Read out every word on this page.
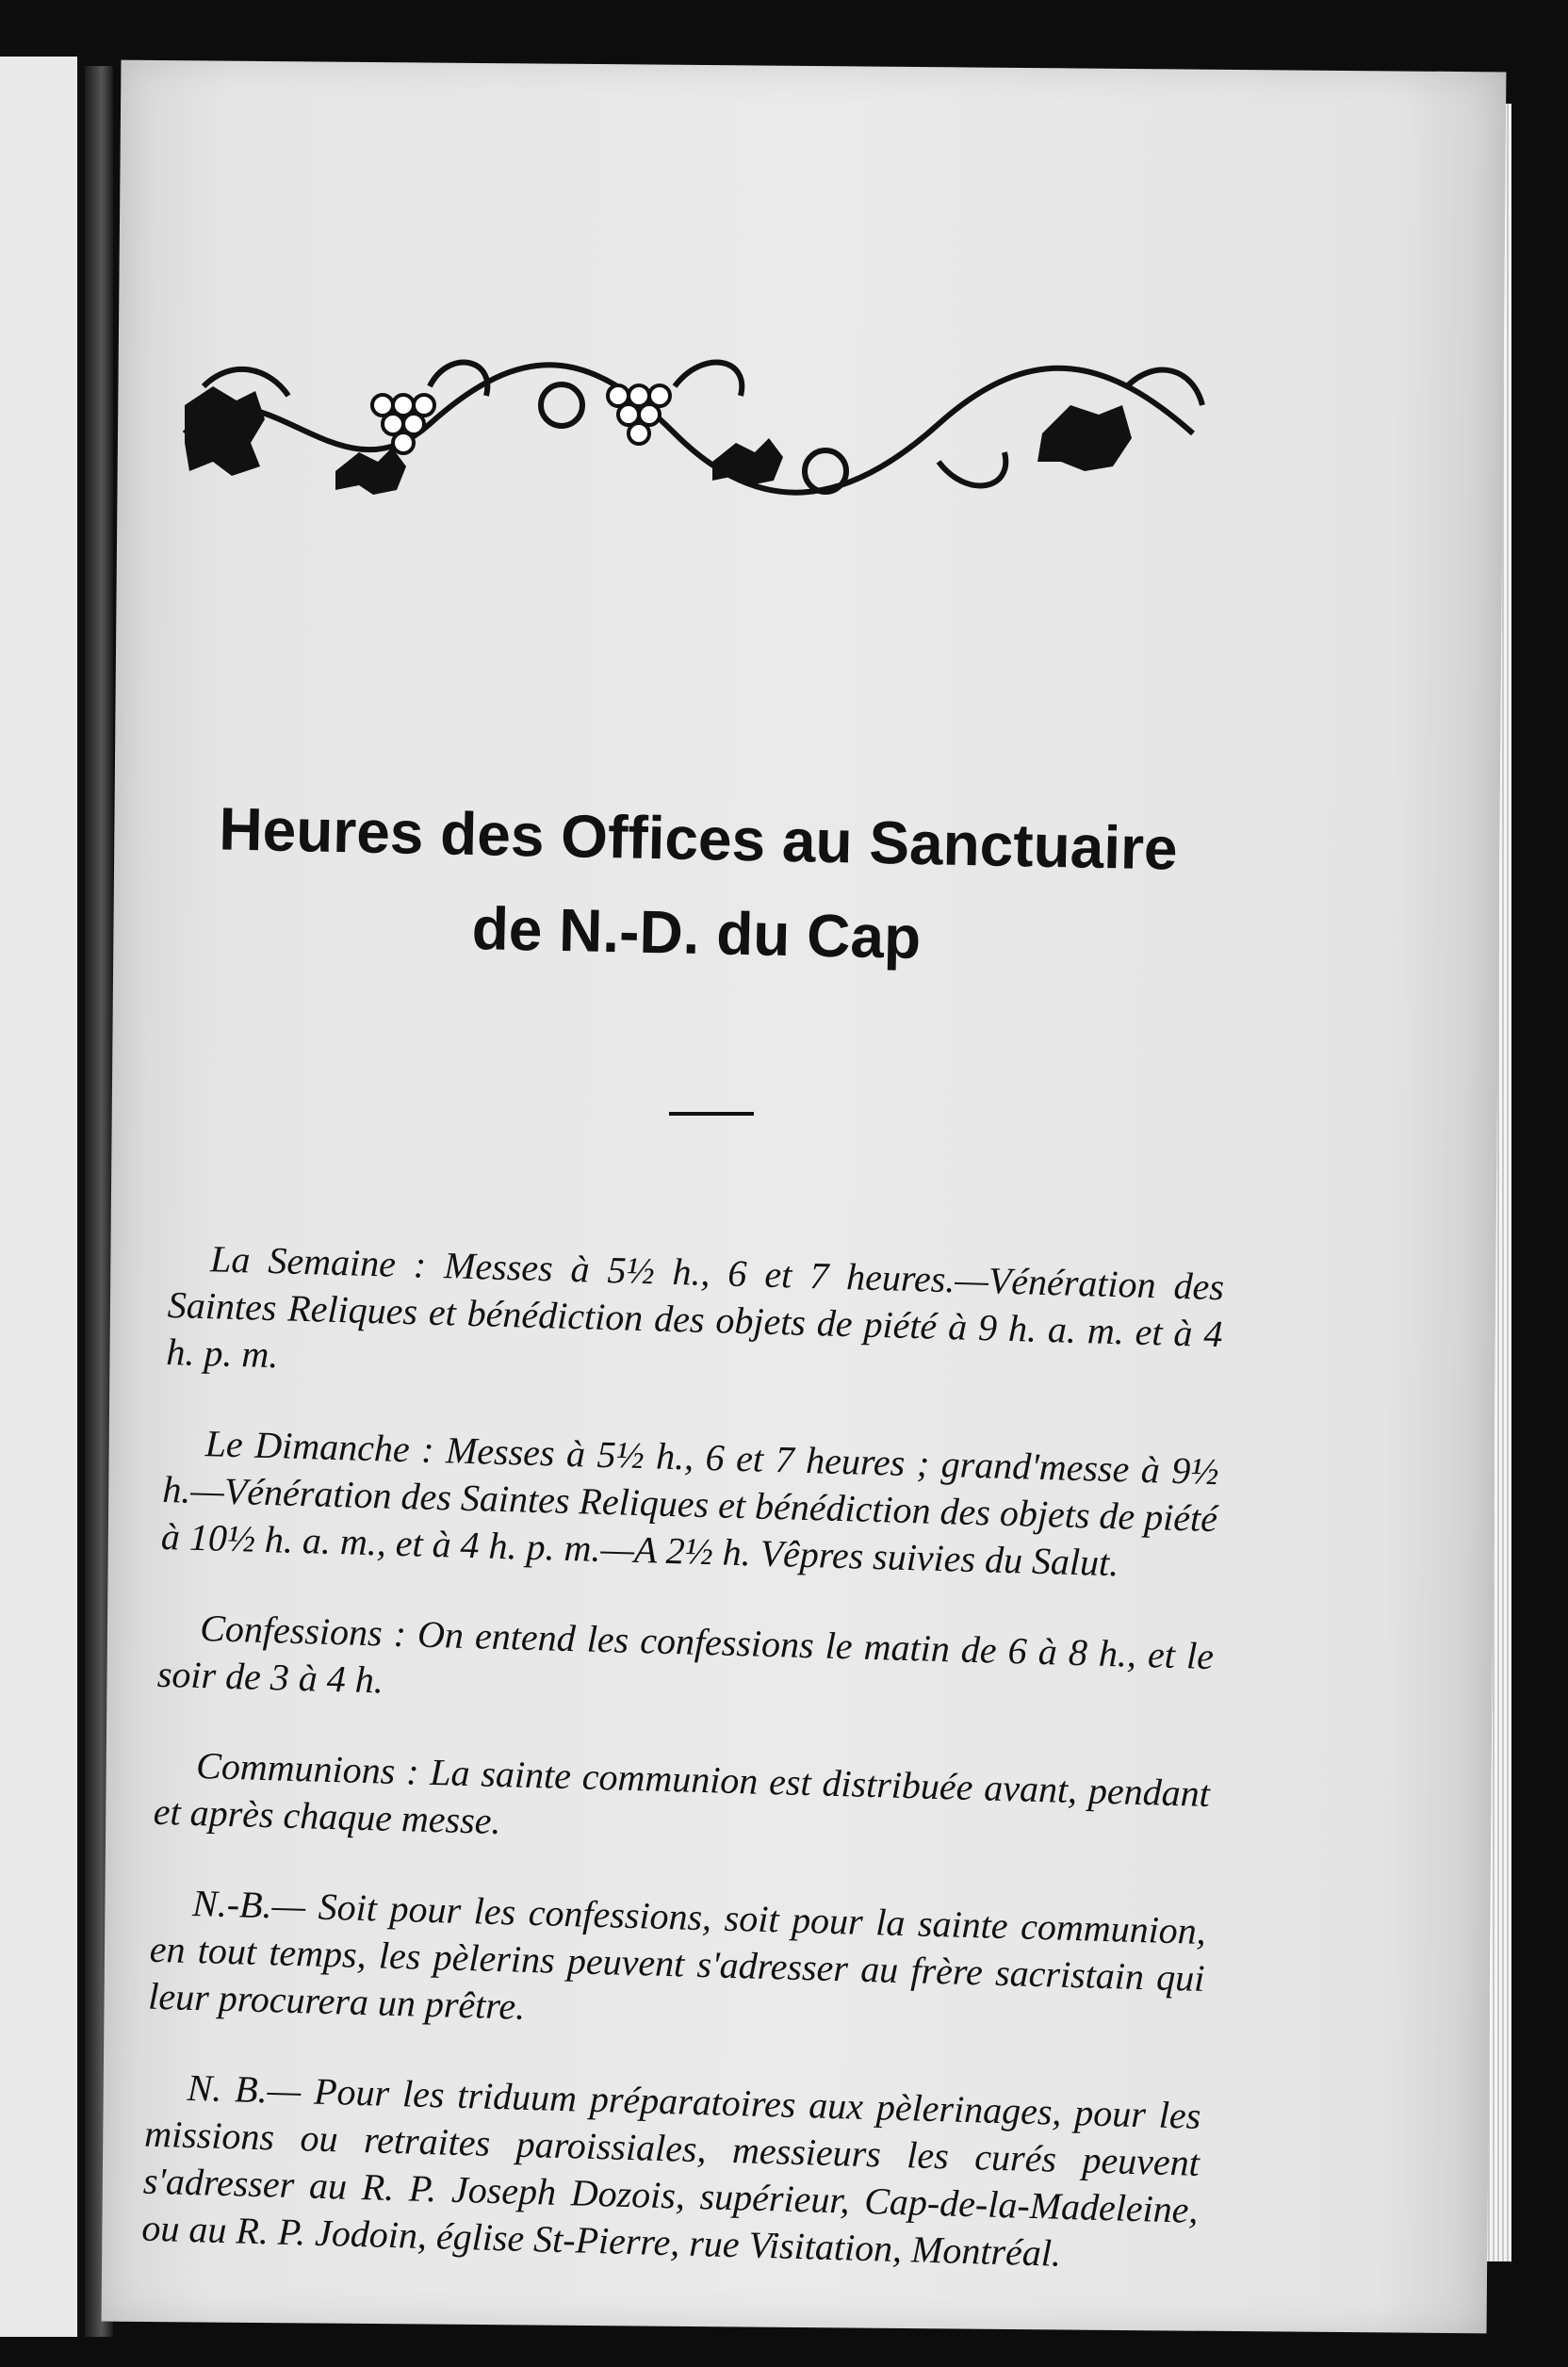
Heures des Offices au Sanctuaire
de N.-D. du Cap

La Semaine : Messes à 5½ h., 6 et 7 heures.—Vénération des Saintes Reliques et bénédiction des objets de piété à 9 h. a. m. et à 4 h. p. m.

Le Dimanche : Messes à 5½ h., 6 et 7 heures ; grand'messe à 9½ h.—Vénération des Saintes Reliques et bénédiction des objets de piété à 10½ h. a. m., et à 4 h. p. m.—A 2½ h. Vêpres suivies du Salut.

Confessions : On entend les confessions le matin de 6 à 8 h., et le soir de 3 à 4 h.

Communions : La sainte communion est distribuée avant, pendant et après chaque messe.

N.-B.— Soit pour les confessions, soit pour la sainte communion, en tout temps, les pèlerins peuvent s'adresser au frère sacristain qui leur procurera un prêtre.

N. B.— Pour les triduum préparatoires aux pèlerinages, pour les missions ou retraites paroissiales, messieurs les curés peuvent s'adresser au R. P. Joseph Dozois, supérieur, Cap-de-la-Madeleine, ou au R. P. Jodoin, église St-Pierre, rue Visitation, Montréal.
